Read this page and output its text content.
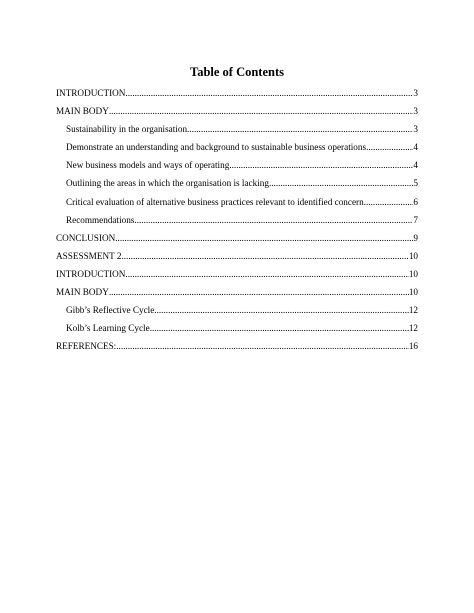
Table of Contents
INTRODUCTION .....	3
MAIN BODY .....	3
Sustainability in the organisation .....	3
Demonstrate an understanding and background to sustainable business operations .....	4
New business models and ways of operating .....	4
Outlining the areas in which the organisation is lacking .....	5
Critical evaluation of alternative business practices relevant to identified concern .....	6
Recommendations .....	7
CONCLUSION .....	9
ASSESSMENT 2 .....	10
INTRODUCTION .....	10
MAIN BODY .....	10
Gibb’s Reflective Cycle .....	12
Kolb’s Learning Cycle .....	12
REFERENCES: .....	16
